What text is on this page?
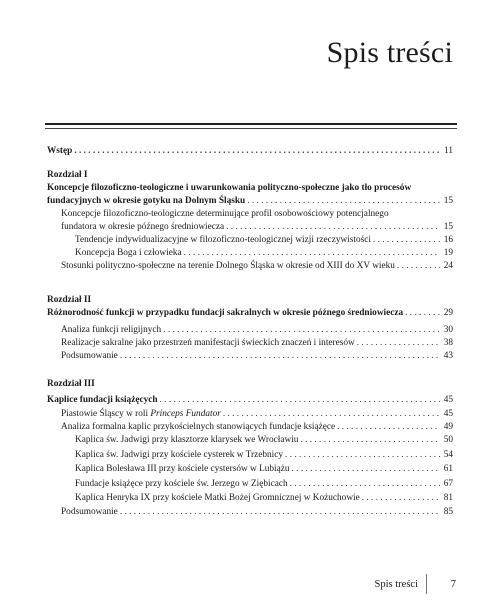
Spis treści
Wstęp . . .	11
Rozdział I
Koncepcje filozoficzno-teologiczne i uwarunkowania polityczno-społeczne jako tło procesów
fundacyjnych w okresie gotyku na Dolnym Śląsku . . .	15
Koncepcje filozoficzno-teologiczne determinujące profil osobowościowy potencjalnego
fundatora w okresie późnego średniowiecza . . .	15
Tendencje indywidualizacyjne w filozoficzno-teologicznej wizji rzeczywistości . . .	16
Koncepcja Boga i człowieka . . .	19
Stosunki polityczno-społeczne na terenie Dolnego Śląska w okresie od XIII do XV wieku . . .	24
Rozdział II
Różnorodność funkcji w przypadku fundacji sakralnych w okresie późnego średniowiecza . . .	29
Analiza funkcji religijnych . . .	30
Realizacje sakralne jako przestrzeń manifestacji świeckich znaczeń i interesów . . .	38
Podsumowanie . . .	43
Rozdział III
Kaplice fundacji książęcych . . .	45
Piastowie Śląscy w roli Princeps Fundator . . .	45
Analiza formalna kaplic przykościelnych stanowiących fundacje książęce . . .	49
Kaplica św. Jadwigi przy klasztorze klarysek we Wrocławiu . . .	50
Kaplica św. Jadwigi przy kościele cysterek w Trzebnicy . . .	54
Kaplica Bolesława III przy kościele cystersów w Lubiążu . . .	61
Fundacje książęce przy kościele św. Jerzego w Ziębicach . . .	67
Kaplica Henryka IX przy kościele Matki Bożej Gromnicznej w Kożuchowie . . .	81
Podsumowanie . . .	85
Spis treści	7
